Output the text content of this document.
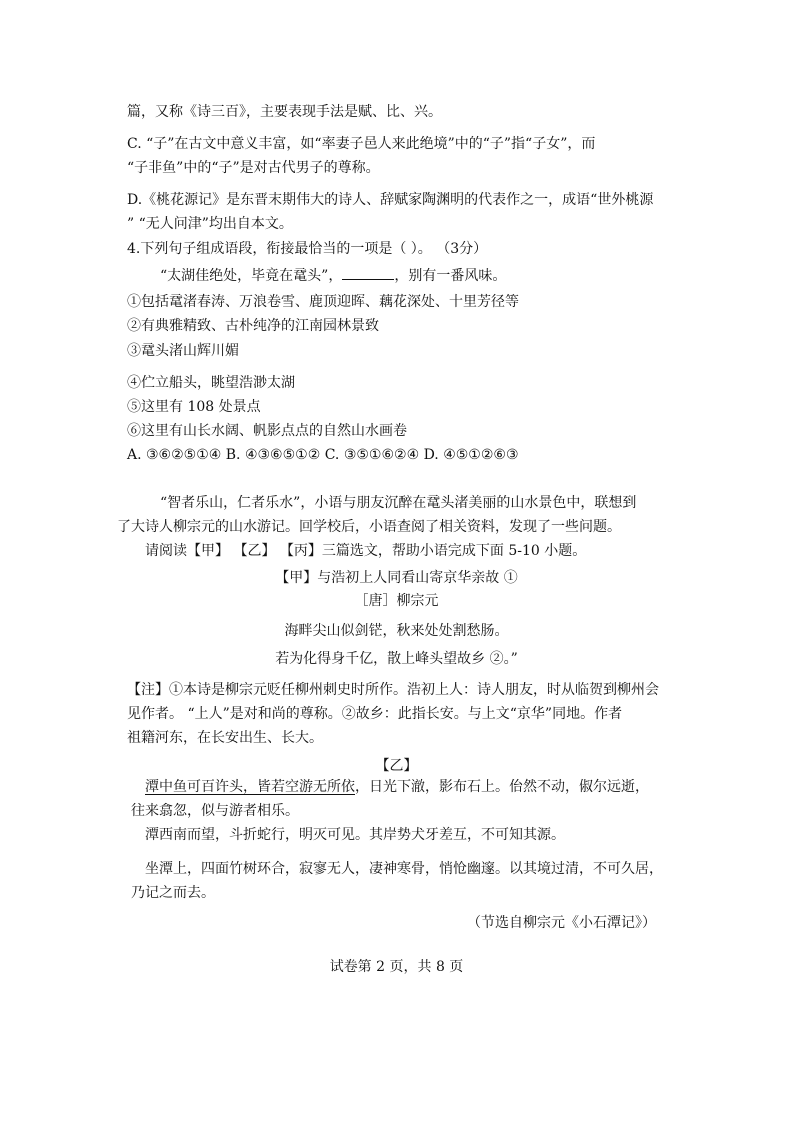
篇，又称《诗三百》，主要表现手法是赋、比、兴。
C. “子”在古文中意义丰富，如“率妻子邑人来此绝境”中的“子”指“子女”，而
“子非鱼”中的“子”是对古代男子的尊称。
D.《桃花源记》是东晋末期伟大的诗人、辞赋家陶渊明的代表作之一，成语“世外桃源
” “无人问津”均出自本文。
4.下列句子组成语段，衔接最恰当的一项是（ ）。 （3分）
“太湖佳绝处，毕竟在鼋头”，	，别有一番风味。
①包括鼋渚春涛、万浪卷雪、鹿顶迎晖、藕花深处、十里芳径等
②有典雅精致、古朴纯净的江南园林景致
③鼋头渚山辉川媚
④伫立船头，眺望浩渺太湖
⑤这里有 108 处景点
⑥这里有山长水阔、帆影点点的自然山水画卷
A. ③⑥②⑤①④ B. ④③⑥⑤①② C. ③⑤①⑥②④ D. ④⑤①②⑥③
“智者乐山，仁者乐水”，小语与朋友沉醉在鼋头渚美丽的山水景色中，联想到
了大诗人柳宗元的山水游记。回学校后，小语查阅了相关资料，发现了一些问题。
请阅读【甲】 【乙】 【丙】三篇选文，帮助小语完成下面 5-10 小题。
【甲】与浩初上人同看山寄京华亲故 ①
［唐］柳宗元
海畔尖山似剑铓，秋来处处割愁肠。
若为化得身千亿，散上峰头望故乡 ②。”
【注】①本诗是柳宗元贬任柳州刺史时所作。浩初上人：诗人朋友，时从临贺到柳州会
见作者。 “上人”是对和尚的尊称。②故乡：此指长安。与上文“京华”同地。作者
祖籍河东，在长安出生、长大。
【乙】
潭中鱼可百许头，皆若空游无所依，日光下澈，影布石上。佁然不动，俶尔远逝，
往来翕忽，似与游者相乐。
潭西南而望，斗折蛇行，明灭可见。其岸势犬牙差互，不可知其源。
坐潭上，四面竹树环合，寂寥无人，凄神寒骨，悄怆幽邃。以其境过清，不可久居，
乃记之而去。
（节选自柳宗元《小石潭记》）
试卷第 2 页，共 8 页
